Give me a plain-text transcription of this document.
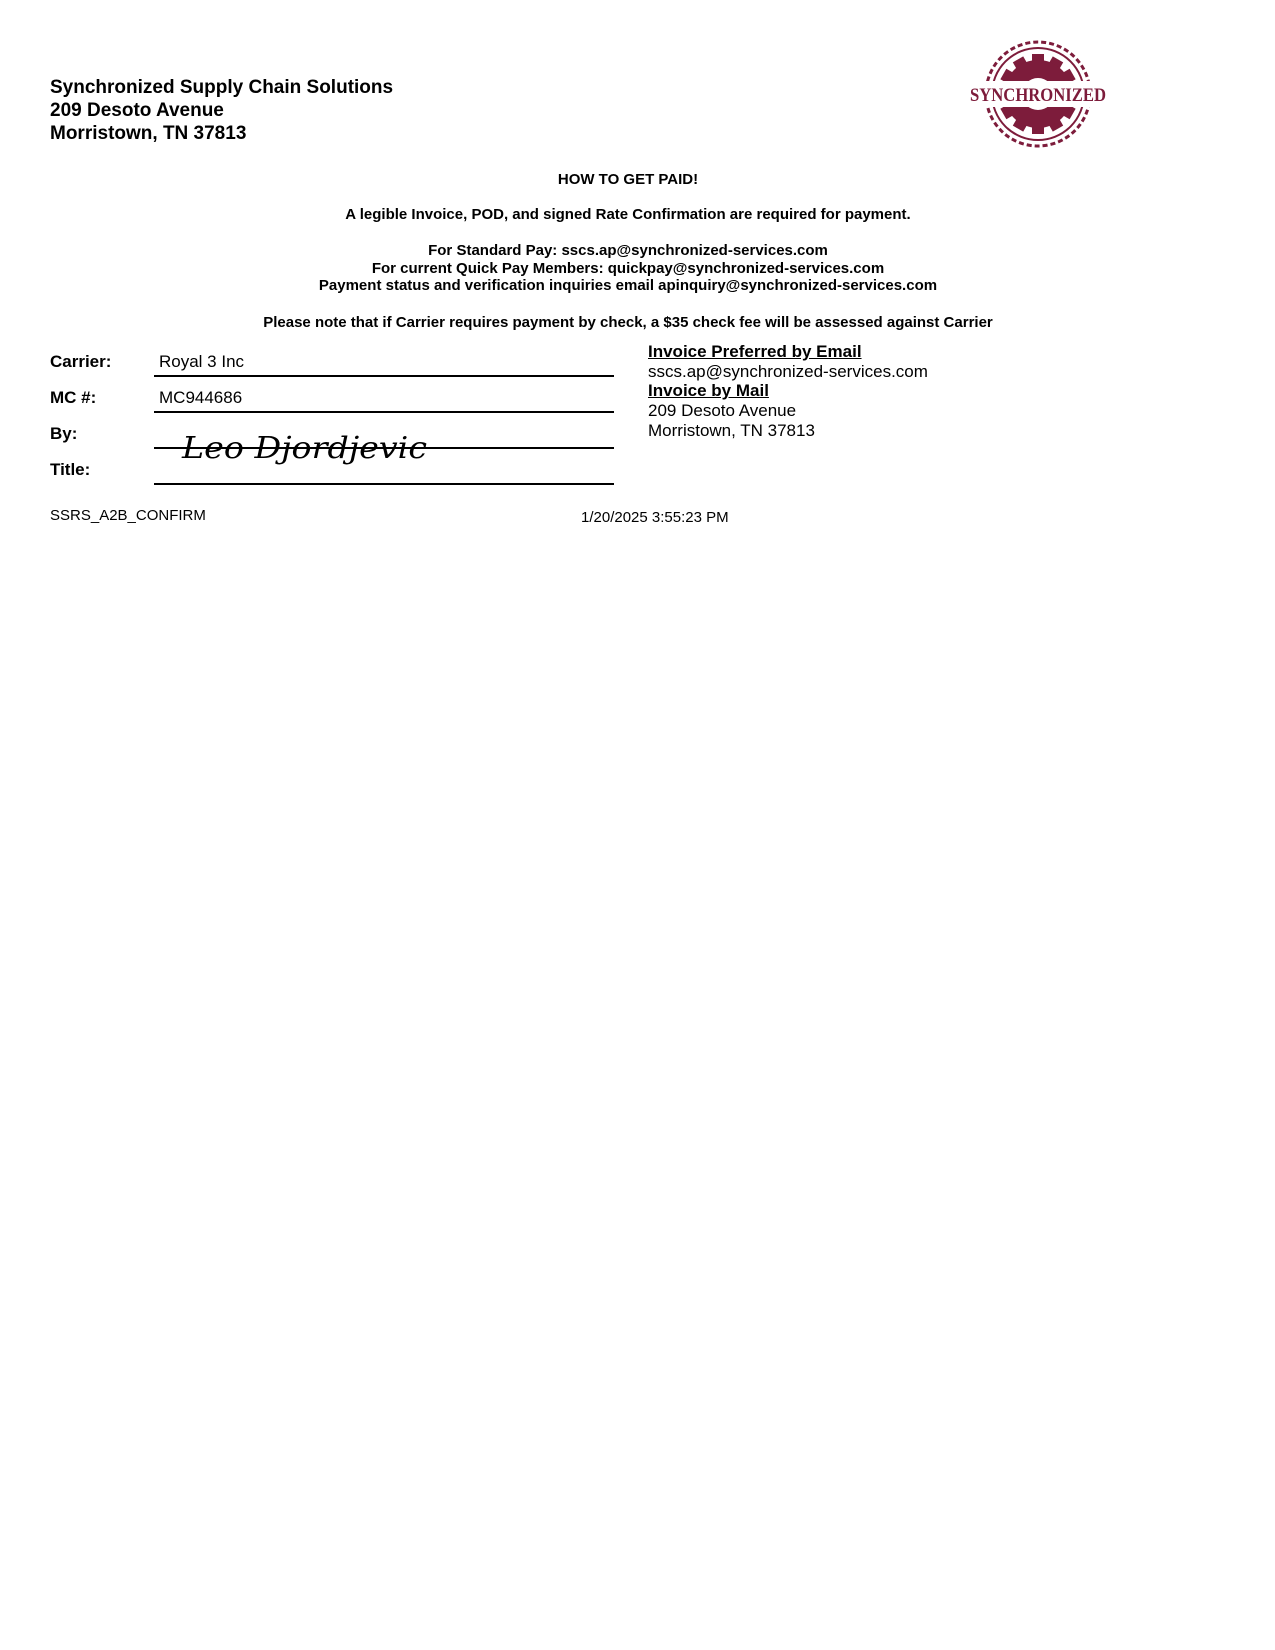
Synchronized Supply Chain Solutions
209 Desoto Avenue
Morristown, TN 37813
SYNCHRONIZED
HOW TO GET PAID!
A legible Invoice, POD, and signed Rate Confirmation are required for payment.
For Standard Pay: sscs.ap@synchronized-services.com
For current Quick Pay Members: quickpay@synchronized-services.com
Payment status and verification inquiries email apinquiry@synchronized-services.com
Please note that if Carrier requires payment by check, a $35 check fee will be assessed against Carrier
Carrier:	Royal 3 Inc
MC #:	MC944686
By:	Leo Djordjevic
Title:
Invoice Preferred by Email
sscs.ap@synchronized-services.com
Invoice by Mail
209 Desoto Avenue
Morristown, TN 37813
SSRS_A2B_CONFIRM	1/20/2025 3:55:23 PM
